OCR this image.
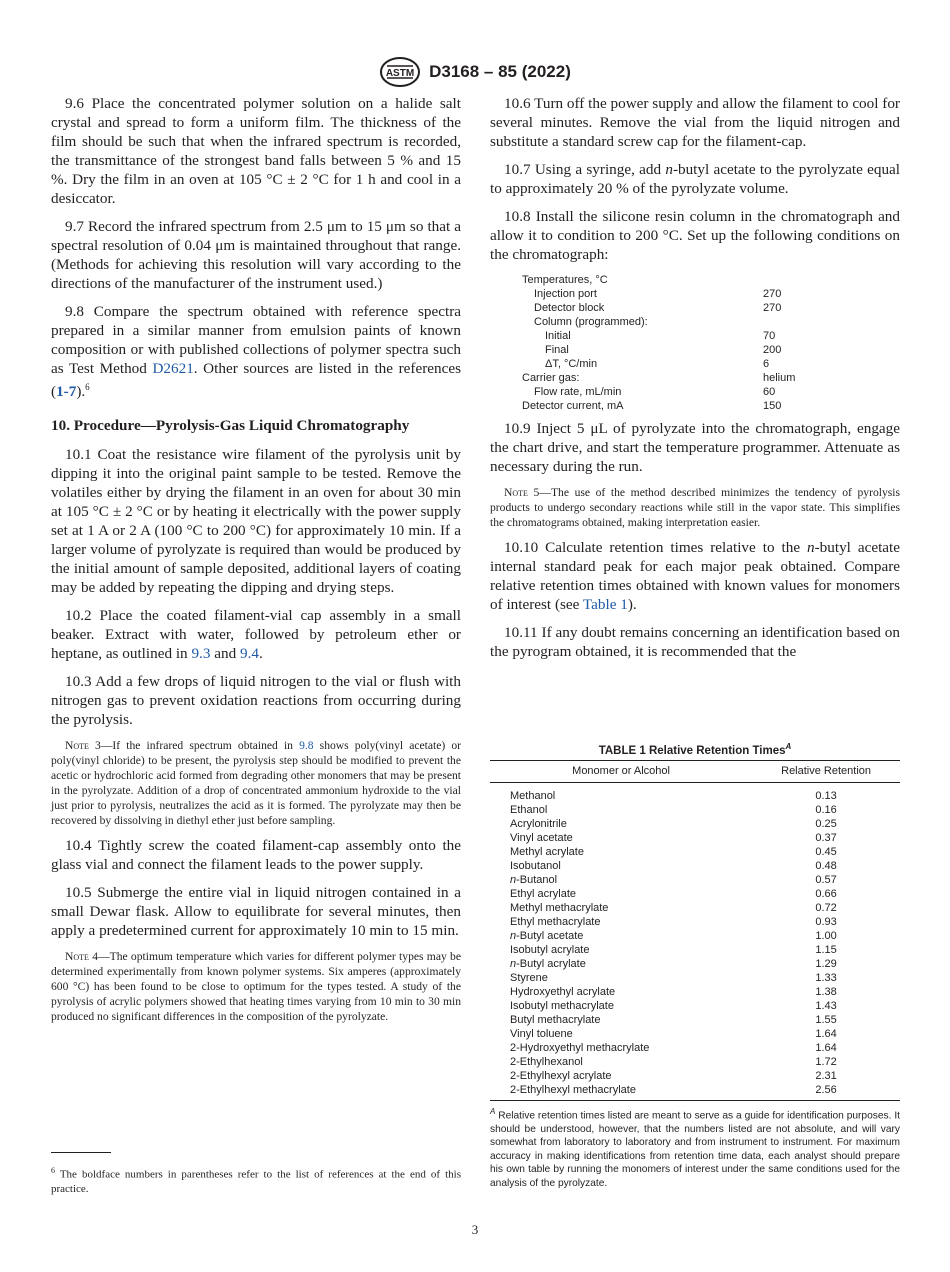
ASTM D3168 – 85 (2022)

9.6 Place the concentrated polymer solution on a halide salt crystal and spread to form a uniform film. The thickness of the film should be such that when the infrared spectrum is recorded, the transmittance of the strongest band falls between 5 % and 15 %. Dry the film in an oven at 105 °C ± 2 °C for 1 h and cool in a desiccator.

9.7 Record the infrared spectrum from 2.5 μm to 15 μm so that a spectral resolution of 0.04 μm is maintained throughout that range. (Methods for achieving this resolution will vary according to the directions of the manufacturer of the instrument used.)

9.8 Compare the spectrum obtained with reference spectra prepared in a similar manner from emulsion paints of known composition or with published collections of polymer spectra such as Test Method D2621. Other sources are listed in the references (1-7).$^6$

10. Procedure—Pyrolysis-Gas Liquid Chromatography

10.1 Coat the resistance wire filament of the pyrolysis unit by dipping it into the original paint sample to be tested. Remove the volatiles either by drying the filament in an oven for about 30 min at 105 °C ± 2 °C or by heating it electrically with the power supply set at 1 A or 2 A (100 °C to 200 °C) for approximately 10 min. If a larger volume of pyrolyzate is required than would be produced by the initial amount of sample deposited, additional layers of coating may be added by repeating the dipping and drying steps.

10.2 Place the coated filament-vial cap assembly in a small beaker. Extract with water, followed by petroleum ether or heptane, as outlined in 9.3 and 9.4.

10.3 Add a few drops of liquid nitrogen to the vial or flush with nitrogen gas to prevent oxidation reactions from occurring during the pyrolysis.

Note 3—If the infrared spectrum obtained in 9.8 shows poly(vinyl acetate) or poly(vinyl chloride) to be present, the pyrolysis step should be modified to prevent the acetic or hydrochloric acid formed from degrading other monomers that may be present in the pyrolyzate. Addition of a drop of concentrated ammonium hydroxide to the vial just prior to pyrolysis, neutralizes the acid as it is formed. The pyrolyzate may then be recovered by dissolving in diethyl ether just before sampling.

10.4 Tightly screw the coated filament-cap assembly onto the glass vial and connect the filament leads to the power supply.

10.5 Submerge the entire vial in liquid nitrogen contained in a small Dewar flask. Allow to equilibrate for several minutes, then apply a predetermined current for approximately 10 min to 15 min.

Note 4—The optimum temperature which varies for different polymer types may be determined experimentally from known polymer systems. Six amperes (approximately 600 °C) has been found to be close to optimum for the types tested. A study of the pyrolysis of acrylic polymers showed that heating times varying from 10 min to 30 min produced no significant differences in the composition of the pyrolyzate.

10.6 Turn off the power supply and allow the filament to cool for several minutes. Remove the vial from the liquid nitrogen and substitute a standard screw cap for the filament-cap.

10.7 Using a syringe, add n-butyl acetate to the pyrolyzate equal to approximately 20 % of the pyrolyzate volume.

10.8 Install the silicone resin column in the chromatograph and allow it to condition to 200 °C. Set up the following conditions on the chromatograph:

Temperatures, °C
Injection port	270
Detector block	270
Column (programmed):
Initial	70
Final	200
ΔT, °C/min	6
Carrier gas:	helium
Flow rate, mL/min	60
Detector current, mA	150

10.9 Inject 5 μL of pyrolyzate into the chromatograph, engage the chart drive, and start the temperature programmer. Attenuate as necessary during the run.

Note 5—The use of the method described minimizes the tendency of pyrolysis products to undergo secondary reactions while still in the vapor state. This simplifies the chromatograms obtained, making interpretation easier.

10.10 Calculate retention times relative to the n-butyl acetate internal standard peak for each major peak obtained. Compare relative retention times obtained with known values for monomers of interest (see Table 1).

10.11 If any doubt remains concerning an identification based on the pyrogram obtained, it is recommended that the

TABLE 1 Relative Retention Times$^A$
Monomer or Alcohol	Relative Retention
Methanol	0.13
Ethanol	0.16
Acrylonitrile	0.25
Vinyl acetate	0.37
Methyl acrylate	0.45
Isobutanol	0.48
n-Butanol	0.57
Ethyl acrylate	0.66
Methyl methacrylate	0.72
Ethyl methacrylate	0.93
n-Butyl acetate	1.00
Isobutyl acrylate	1.15
n-Butyl acrylate	1.29
Styrene	1.33
Hydroxyethyl acrylate	1.38
Isobutyl methacrylate	1.43
Butyl methacrylate	1.55
Vinyl toluene	1.64
2-Hydroxyethyl methacrylate	1.64
2-Ethylhexanol	1.72
2-Ethylhexyl acrylate	2.31
2-Ethylhexyl methacrylate	2.56
$^A$ Relative retention times listed are meant to serve as a guide for identification purposes. It should be understood, however, that the numbers listed are not absolute, and will vary somewhat from laboratory to laboratory and from instrument to instrument. For maximum accuracy in making identifications from retention time data, each analyst should prepare his own table by running the monomers of interest under the same conditions used for the analysis of the pyrolyzate.
$^6$ The boldface numbers in parentheses refer to the list of references at the end of this practice.
3
